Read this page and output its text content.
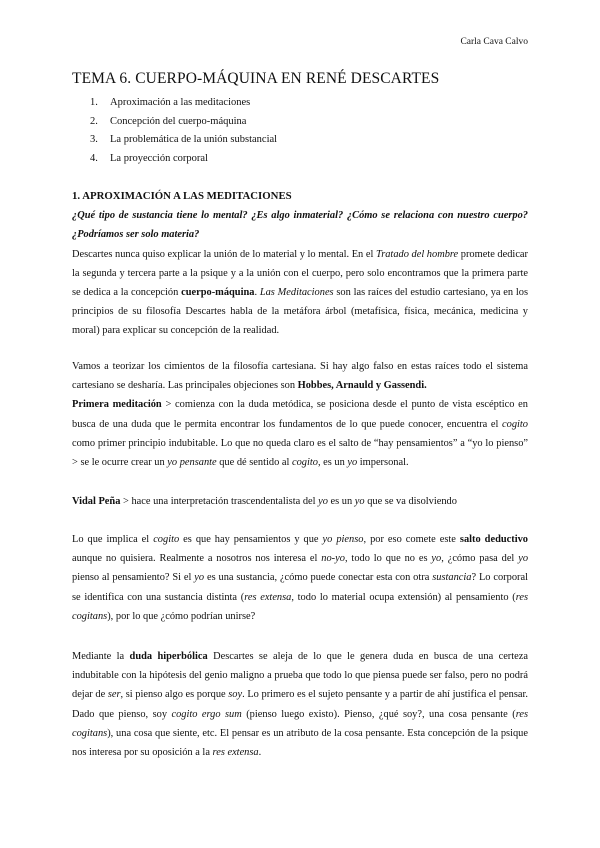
Carla Cava Calvo
TEMA 6. CUERPO-MÁQUINA EN RENÉ DESCARTES
1. Aproximación a las meditaciones
2. Concepción del cuerpo-máquina
3. La problemática de la unión substancial
4. La proyección corporal

1. APROXIMACIÓN A LAS MEDITACIONES

¿Qué tipo de sustancia tiene lo mental? ¿Es algo inmaterial? ¿Cómo se relaciona con nuestro cuerpo? ¿Podríamos ser solo materia?

Descartes nunca quiso explicar la unión de lo material y lo mental. En el Tratado del hombre promete dedicar la segunda y tercera parte a la psique y a la unión con el cuerpo, pero solo encontramos que la primera parte se dedica a la concepción cuerpo-máquina. Las Meditaciones son las raíces del estudio cartesiano, ya en los principios de su filosofía Descartes habla de la metáfora árbol (metafísica, física, mecánica, medicina y moral) para explicar su concepción de la realidad.

Vamos a teorizar los cimientos de la filosofía cartesiana. Si hay algo falso en estas raíces todo el sistema cartesiano se desharía. Las principales objeciones son Hobbes, Arnauld y Gassendi.
Primera meditación > comienza con la duda metódica, se posiciona desde el punto de vista escéptico en busca de una duda que le permita encontrar los fundamentos de lo que puede conocer, encuentra el cogito como primer principio indubitable. Lo que no queda claro es el salto de “hay pensamientos” a “yo lo pienso” > se le ocurre crear un yo pensante que dé sentido al cogito, es un yo impersonal.

Vidal Peña > hace una interpretación trascendentalista del yo es un yo que se va disolviendo

Lo que implica el cogito es que hay pensamientos y que yo pienso, por eso comete este salto deductivo aunque no quisiera. Realmente a nosotros nos interesa el no-yo, todo lo que no es yo, ¿cómo pasa del yo pienso al pensamiento? Si el yo es una sustancia, ¿cómo puede conectar esta con otra sustancia? Lo corporal se identifica con una sustancia distinta (res extensa, todo lo material ocupa extensión) al pensamiento (res cogitans), por lo que ¿cómo podrían unirse?

Mediante la duda hiperbólica Descartes se aleja de lo que le genera duda en busca de una certeza indubitable con la hipótesis del genio maligno a prueba que todo lo que piensa puede ser falso, pero no podrá dejar de ser, si pienso algo es porque soy. Lo primero es el sujeto pensante y a partir de ahí justifica el pensar. Dado que pienso, soy cogito ergo sum (pienso luego existo). Pienso, ¿qué soy?, una cosa pensante (res cogitans), una cosa que siente, etc. El pensar es un atributo de la cosa pensante. Esta concepción de la psique nos interesa por su oposición a la res extensa.
